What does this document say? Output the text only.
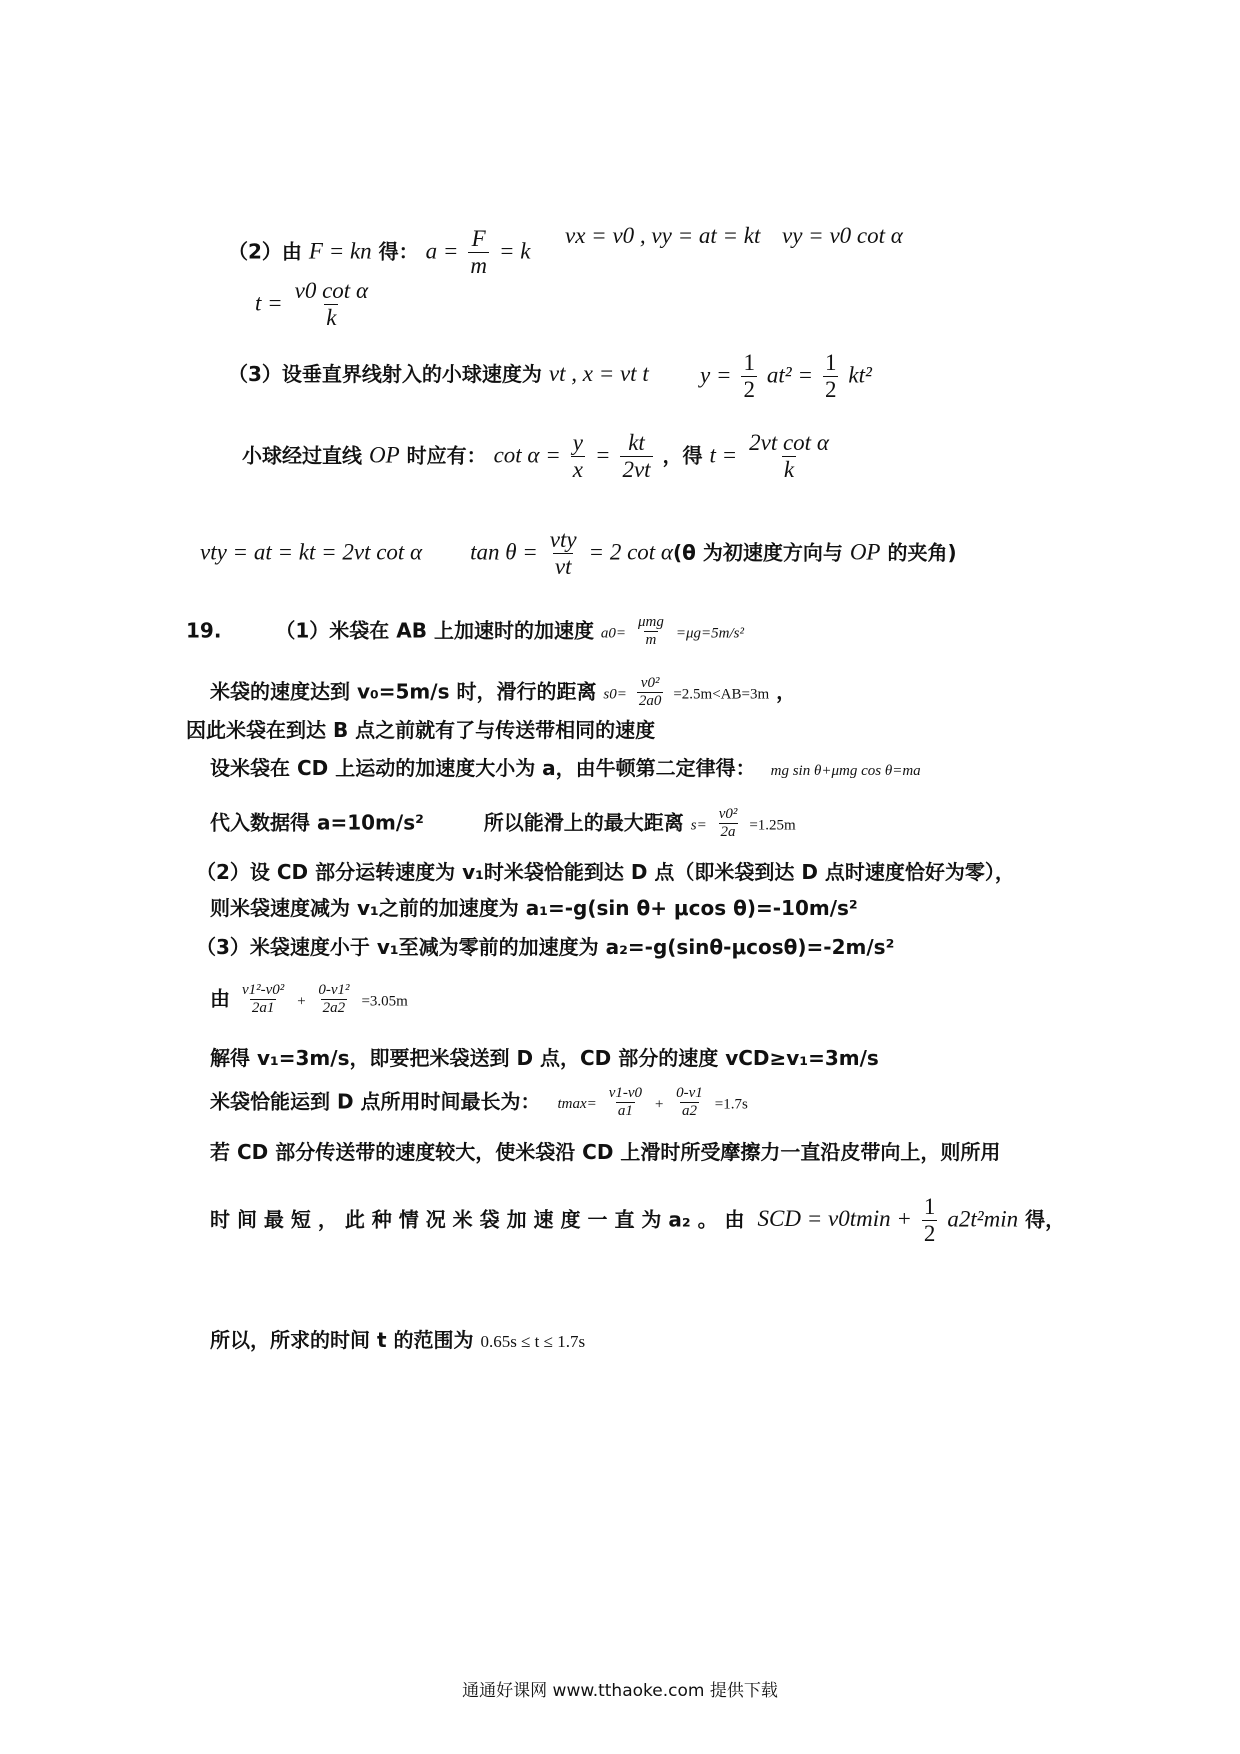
（2）由 F = kn 得： $a = \frac{F}{m} = k$
vx = v0 , vy = at = kt vy = v0 cot α
$t = \frac{\text{v0 cot α}}{k}$
（3）设垂直界线射入的小球速度为 vt , x = vt t $y = \frac{1}{2} at^2 = \frac{1}{2} kt^2$
小球经过直线 OP 时应有： $\cot \alpha = \frac{y}{x} = \frac{kt}{2vt}$ ，得 $t = \frac{\text{2vt cot α}}{k}$
vty = at = kt = 2vt cot α $\tan \theta = \frac{\text{vty}}{vt} = 2$ cot α(θ 为初速度方向与 OP 的夹角)
19.	（1）米袋在 AB 上加速时的加速度 $a0= \frac{\text{μmg}}{m} =\mu g=5m/s^2$
米袋的速度达到 v₀=5m/s 时，滑行的距离 $s0= \frac{\text{v0²}}{2a0} =2.5m<AB=3m$ ，
因此米袋在到达 B 点之前就有了与传送带相同的速度
设米袋在 CD 上运动的加速度大小为 a，由牛顿第二定律得： mg sin θ+μmg cos θ=ma
代入数据得 a=10m/s²	所以能滑上的最大距离 $s= \frac{\text{v0²}}{2a} =1.25m$
（2）设 CD 部分运转速度为 v₁时米袋恰能到达 D 点（即米袋到达 D 点时速度恰好为零），
则米袋速度减为 v₁之前的加速度为 a₁=-g(sin θ+ μcos θ)=-10m/s²
（3）米袋速度小于 v₁至减为零前的加速度为 a₂=-g(sinθ-μcosθ)=-2m/s²
由 $\frac{\text{v1²-v0²}}{2a1} + \frac{\text{0-v1²}}{2a2} =3.05m$
解得 v₁=3m/s，即要把米袋送到 D 点，CD 部分的速度 vCD≥v₁=3m/s
米袋恰能运到 D 点所用时间最长为： $tmax= \frac{v1-v0}{a1} + \frac{0-v1}{a2} =1.7s$
若 CD 部分传送带的速度较大，使米袋沿 CD 上滑时所受摩擦力一直沿皮带向上，则所用
时 间 最 短 ， 此 种 情 况 米 袋 加 速 度 一 直 为 a₂ 。 由 SCD = $v0tmin + \frac{1}{2} a2t^2\min$ 得，
所以，所求的时间 t 的范围为 0.65s ≤ t ≤ 1.7s
通通好课网 www.tthaoke.com 提供下载
